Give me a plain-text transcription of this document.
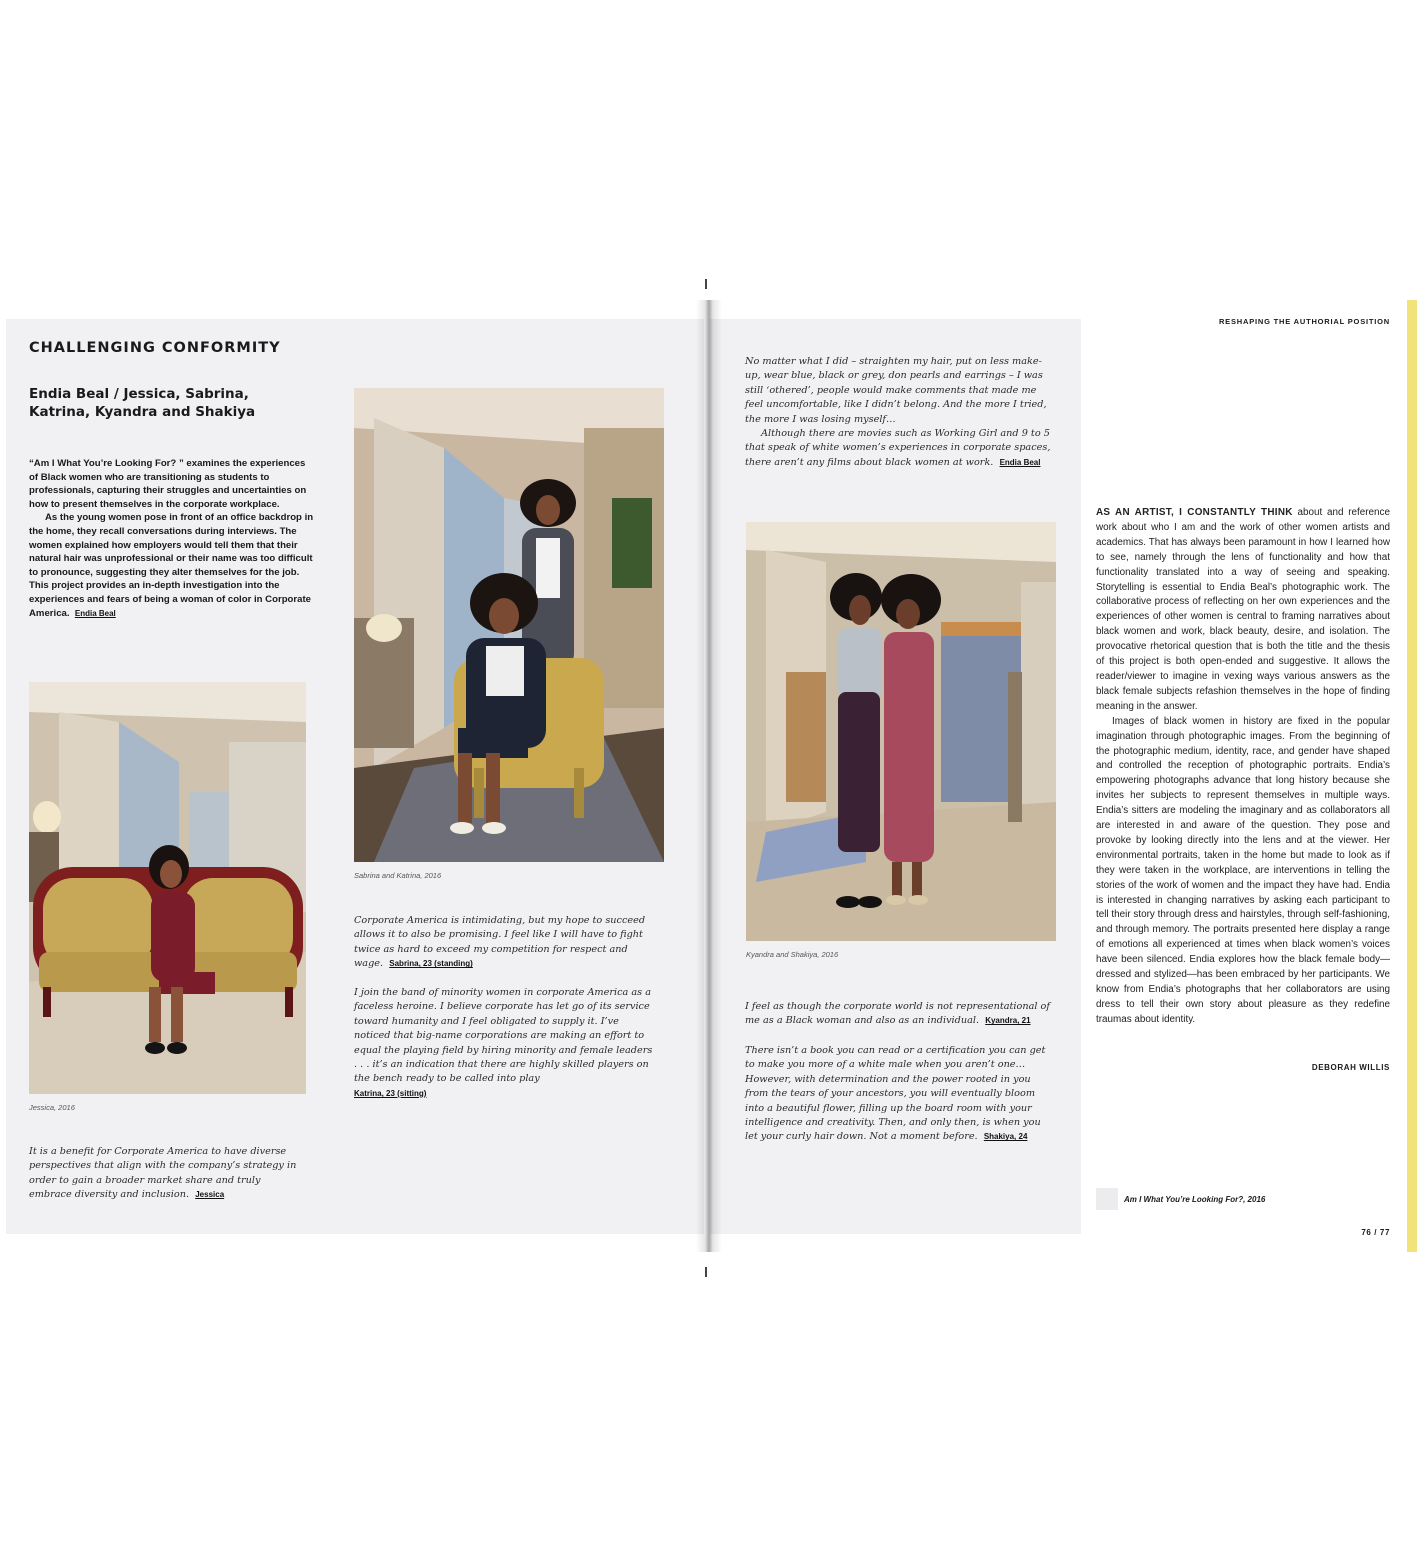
CHALLENGING CONFORMITY
Endia Beal / Jessica, Sabrina, Katrina, Kyandra and Shakiya

“Am I What You’re Looking For? ” examines the experiences of Black women who are transitioning as students to professionals, capturing their struggles and uncertainties on how to present themselves in the corporate workplace.

As the young women pose in front of an office backdrop in the home, they recall conversations during interviews. The women explained how employers would tell them that their natural hair was unprofessional or their name was too difficult to pronounce, suggesting they alter themselves for the job. This project provides an in-depth investigation into the experiences and fears of being a woman of color in Corporate America. Endia Beal

Sabrina and Katrina, 2016
Jessica, 2016
It is a benefit for Corporate America to have diverse perspectives that align with the company’s strategy in order to gain a broader market share and truly embrace diversity and inclusion. Jessica
Corporate America is intimidating, but my hope to succeed allows it to also be promising. I feel like I will have to fight twice as hard to exceed my competition for respect and wage. Sabrina, 23 (standing)
I join the band of minority women in corporate America as a faceless heroine. I believe corporate has let go of its service toward humanity and I feel obligated to supply it. I’ve noticed that big-name corporations are making an effort to equal the playing field by hiring minority and female leaders . . . it’s an indication that there are highly skilled players on the bench ready to be called into play
Katrina, 23 (sitting)
RESHAPING THE AUTHORIAL POSITION

No matter what I did – straighten my hair, put on less make-up, wear blue, black or grey, don pearls and earrings – I was still ‘othered’, people would make comments that made me feel uncomfortable, like I didn’t belong. And the more I tried, the more I was losing myself…

Although there are movies such as Working Girl and 9 to 5 that speak of white women’s experiences in corporate spaces, there aren’t any films about black women at work. Endia Beal

Kyandra and Shakiya, 2016
I feel as though the corporate world is not representational of me as a Black woman and also as an individual. Kyandra, 21
There isn’t a book you can read or a certification you can get to make you more of a white male when you aren’t one… However, with determination and the power rooted in you from the tears of your ancestors, you will eventually bloom into a beautiful flower, filling up the board room with your intelligence and creativity. Then, and only then, is when you let your curly hair down. Not a moment before. Shakiya, 24

AS AN ARTIST, I CONSTANTLY THINK about and reference work about who I am and the work of other women artists and academics. That has always been paramount in how I learned how to see, namely through the lens of functionality and how that functionality translated into a way of seeing and speaking. Storytelling is essential to Endia Beal’s photographic work. The collaborative process of reflecting on her own experiences and the experiences of other women is central to framing narratives about black women and work, black beauty, desire, and isolation. The provocative rhetorical question that is both the title and the thesis of this project is both open-ended and suggestive. It allows the reader/viewer to imagine in vexing ways various answers as the black female subjects refashion themselves in the hope of finding meaning in the answer.

Images of black women in history are fixed in the popular imagination through photographic images. From the beginning of the photographic medium, identity, race, and gender have shaped and controlled the reception of photographic portraits. Endia’s empowering photographs advance that long history because she invites her subjects to represent themselves in multiple ways. Endia’s sitters are modeling the imaginary and as collaborators all are interested in and aware of the question. They pose and provoke by looking directly into the lens and at the viewer. Her environmental portraits, taken in the home but made to look as if they were taken in the workplace, are interventions in telling the stories of the work of women and the impact they have had. Endia is interested in changing narratives by asking each participant to tell their story through dress and hairstyles, through self-fashioning, and through memory. The portraits presented here display a range of emotions all experienced at times when black women’s voices have been silenced. Endia explores how the black female body—dressed and stylized—has been embraced by her participants. We know from Endia’s photographs that her collaborators are using dress to tell their own story about pleasure as they redefine traumas about identity.

DEBORAH WILLIS
Am I What You’re Looking For?, 2016
76 / 77
